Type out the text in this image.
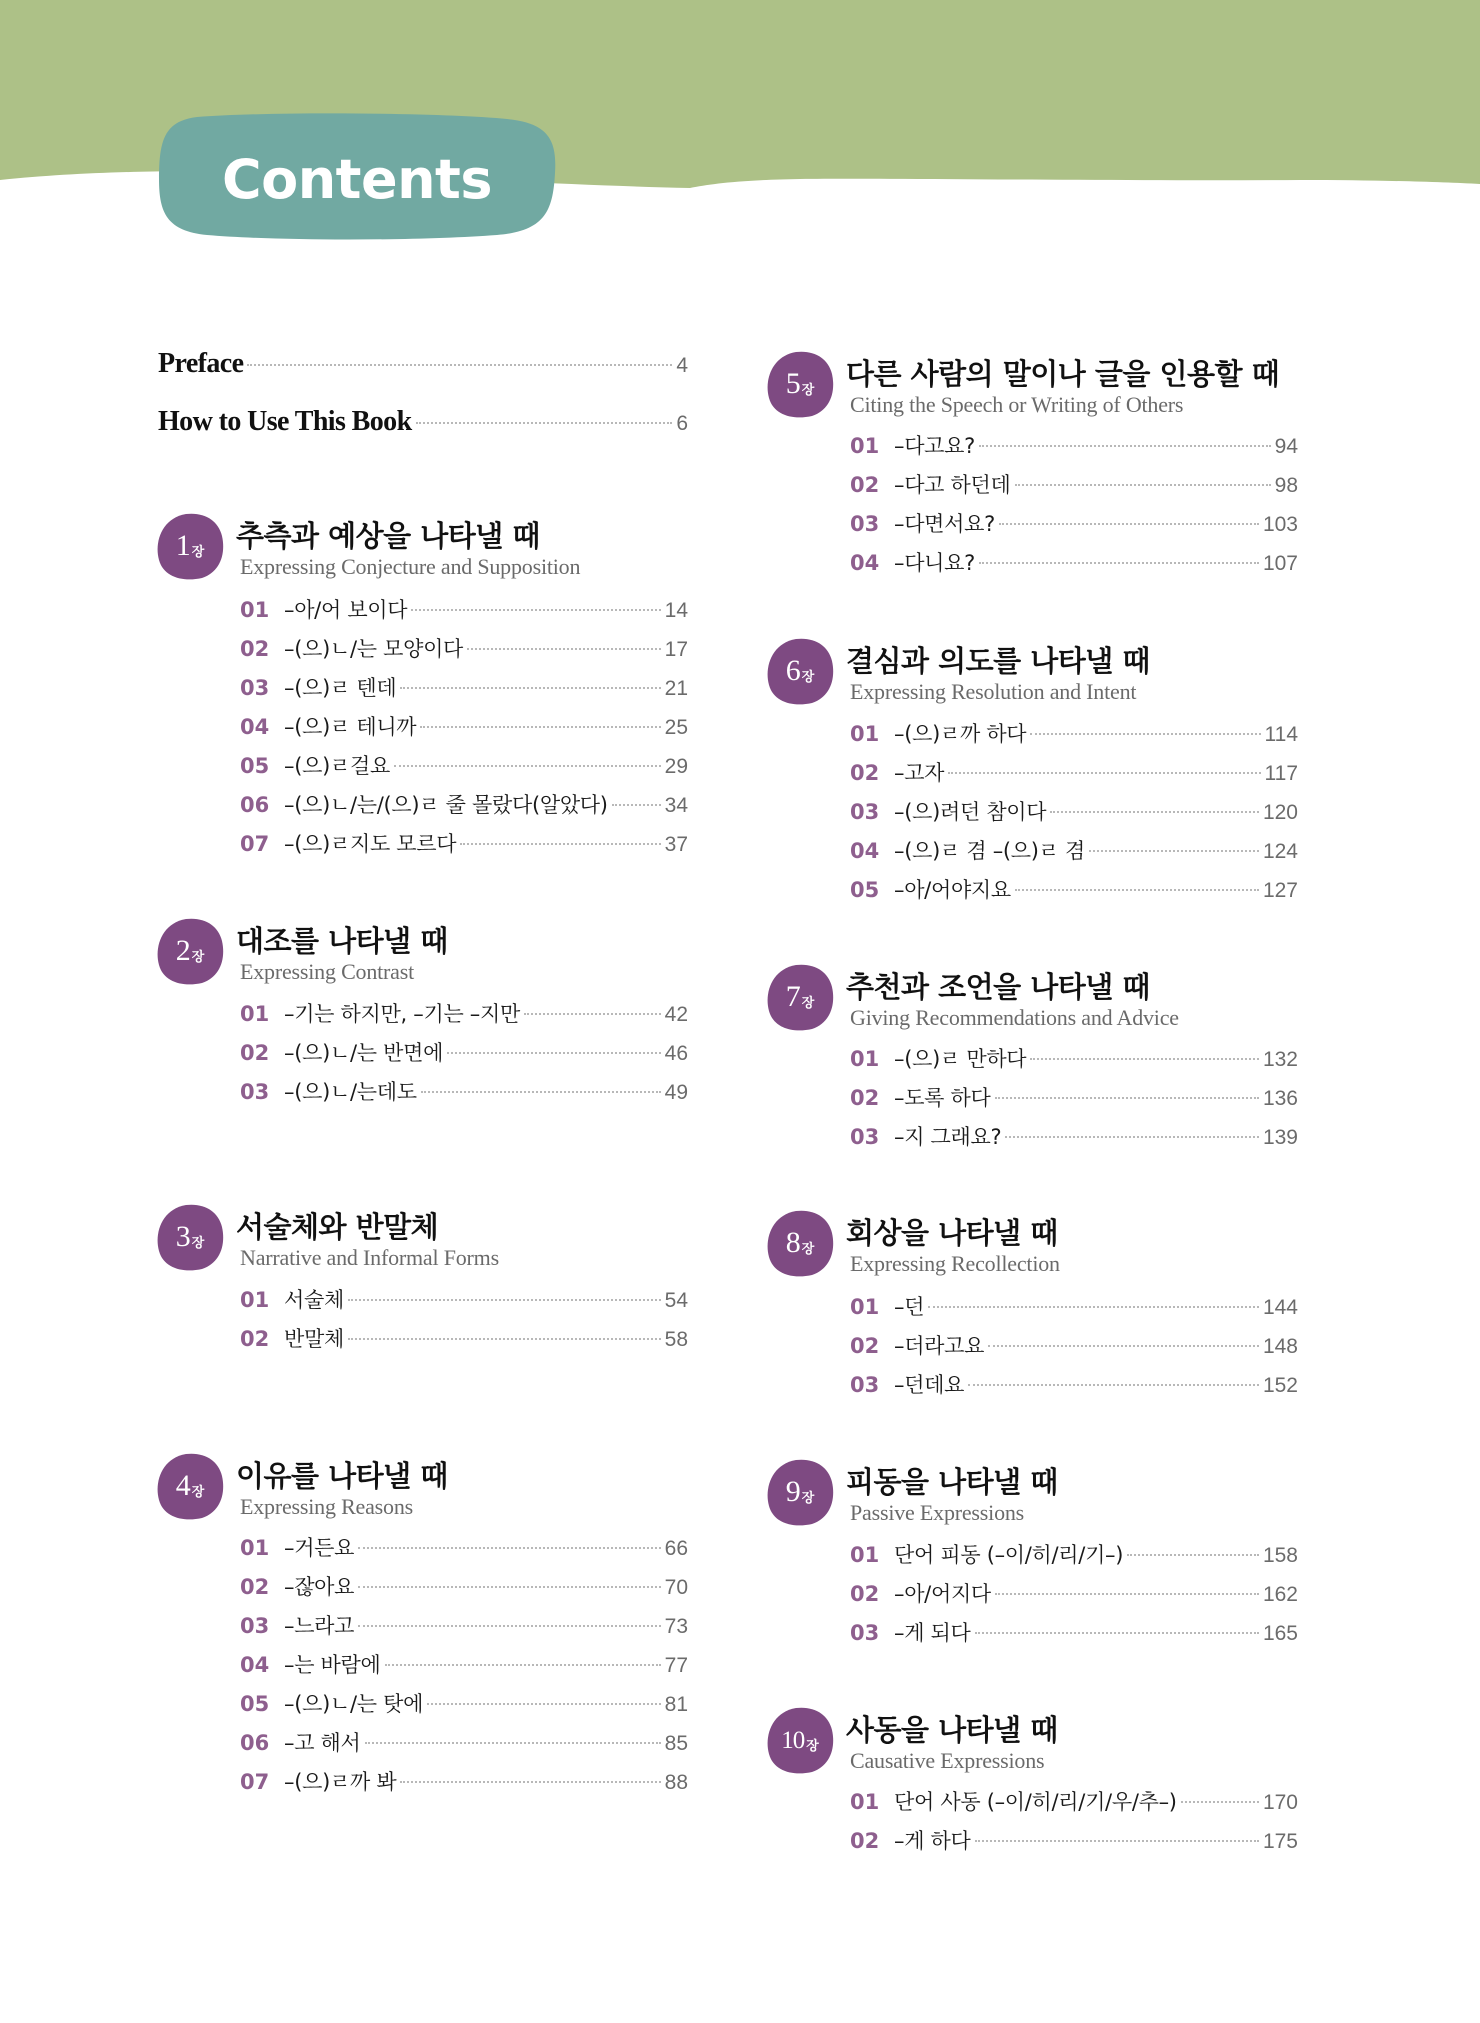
Contents
Preface	4
How to Use This Book	6
1 장 추측과 예상을 나타낼 때
Expressing Conjecture and Supposition
01 –아/어 보이다	14
02 –(으)ㄴ/는 모양이다	17
03 –(으)ㄹ 텐데	21
04 –(으)ㄹ 테니까	25
05 –(으)ㄹ걸요	29
06 –(으)ㄴ/는/(으)ㄹ 줄 몰랐다(알았다)	34
07 –(으)ㄹ지도 모르다	37
2 장 대조를 나타낼 때
Expressing Contrast
01 –기는 하지만, –기는 –지만	42
02 –(으)ㄴ/는 반면에	46
03 –(으)ㄴ/는데도	49
3 장 서술체와 반말체
Narrative and Informal Forms
01 서술체	54
02 반말체	58
4 장 이유를 나타낼 때
Expressing Reasons
01 –거든요	66
02 –잖아요	70
03 –느라고	73
04 –는 바람에	77
05 –(으)ㄴ/는 탓에	81
06 –고 해서	85
07 –(으)ㄹ까 봐	88
5 장 다른 사람의 말이나 글을 인용할 때
Citing the Speech or Writing of Others
01 –다고요?	94
02 –다고 하던데	98
03 –다면서요?	103
04 –다니요?	107
6 장 결심과 의도를 나타낼 때
Expressing Resolution and Intent
01 –(으)ㄹ까 하다	114
02 –고자	117
03 –(으)려던 참이다	120
04 –(으)ㄹ 겸 –(으)ㄹ 겸	124
05 –아/어야지요	127
7 장 추천과 조언을 나타낼 때
Giving Recommendations and Advice
01 –(으)ㄹ 만하다	132
02 –도록 하다	136
03 –지 그래요?	139
8 장 회상을 나타낼 때
Expressing Recollection
01 –던	144
02 –더라고요	148
03 –던데요	152
9 장 피동을 나타낼 때
Passive Expressions
01 단어 피동 (–이/히/리/기–)	158
02 –아/어지다	162
03 –게 되다	165
10 장 사동을 나타낼 때
Causative Expressions
01 단어 사동 (–이/히/리/기/우/추–)	170
02 –게 하다	175
